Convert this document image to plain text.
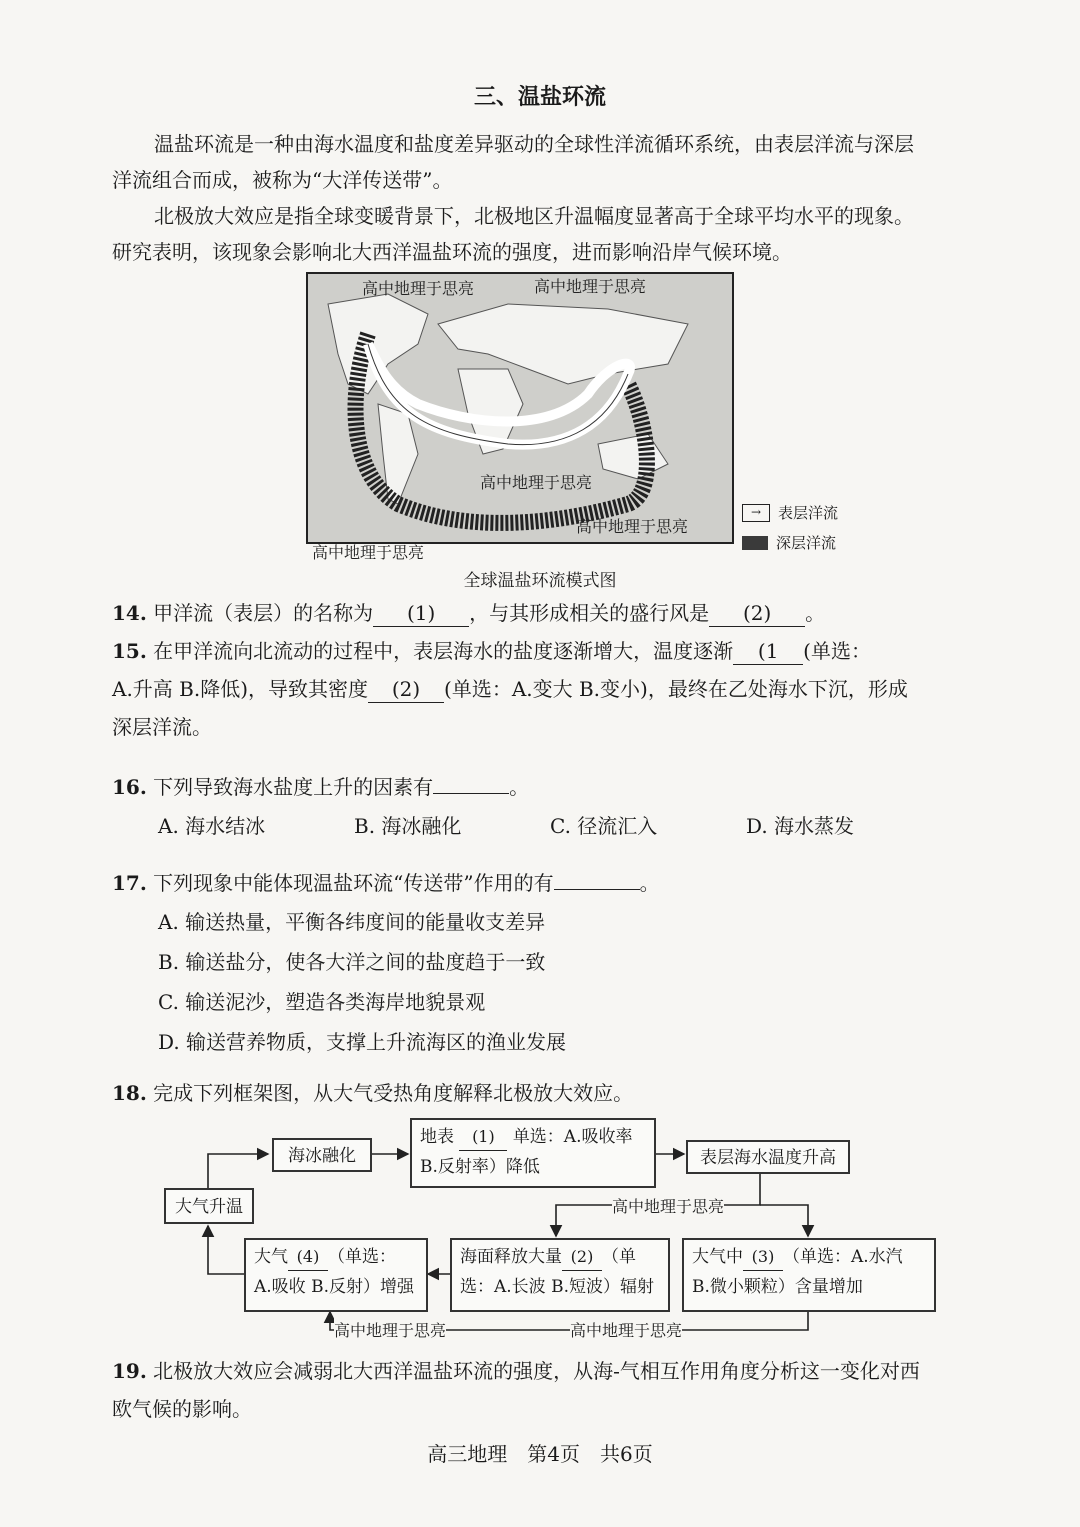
三、温盐环流
温盐环流是一种由海水温度和盐度差异驱动的全球性洋流循环系统，由表层洋流与深层
洋流组合而成，被称为“大洋传送带”。
北极放大效应是指全球变暖背景下，北极地区升温幅度显著高于全球平均水平的现象。
研究表明，该现象会影响北大西洋温盐环流的强度，进而影响沿岸气候环境。
高中地理于思亮	高中地理于思亮
高中地理于思亮
高中地理于思亮
高中地理于思亮
→	表层洋流
深层洋流
全球温盐环流模式图
14. 甲洋流（表层）的名称为 (1) ，与其形成相关的盛行风是 (2) 。
15. 在甲洋流向北流动的过程中，表层海水的盐度逐渐增大，温度逐渐 (1 (单选：
A.升高 B.降低)，导致其密度 (2) (单选：A.变大 B.变小)，最终在乙处海水下沉，形成
深层洋流。
16. 下列导致海水盐度上升的因素有	。
A. 海水结冰	B. 海冰融化	C. 径流汇入	D. 海水蒸发
17. 下列现象中能体现温盐环流“传送带”作用的有	。
A. 输送热量，平衡各纬度间的能量收支差异
B. 输送盐分，使各大洋之间的盐度趋于一致
C. 输送泥沙，塑造各类海岸地貌景观
D. 输送营养物质，支撑上升流海区的渔业发展
18. 完成下列框架图，从大气受热角度解释北极放大效应。
海冰融化
地表 (1) 单选：A.吸收率
B.反射率）降低	表层海水温度升高
大气升温
大气 (4) （单选：
A.吸收 B.反射）增强
海面释放大量 (2) （单
选：A.长波 B.短波）辐射
大气中 (3) （单选：A.水汽
B.微小颗粒）含量增加
高中地理于思亮
高中地理于思亮	高中地理于思亮
19. 北极放大效应会减弱北大西洋温盐环流的强度，从海-气相互作用角度分析这一变化对西
欧气候的影响。
高三地理　第4页　共6页
